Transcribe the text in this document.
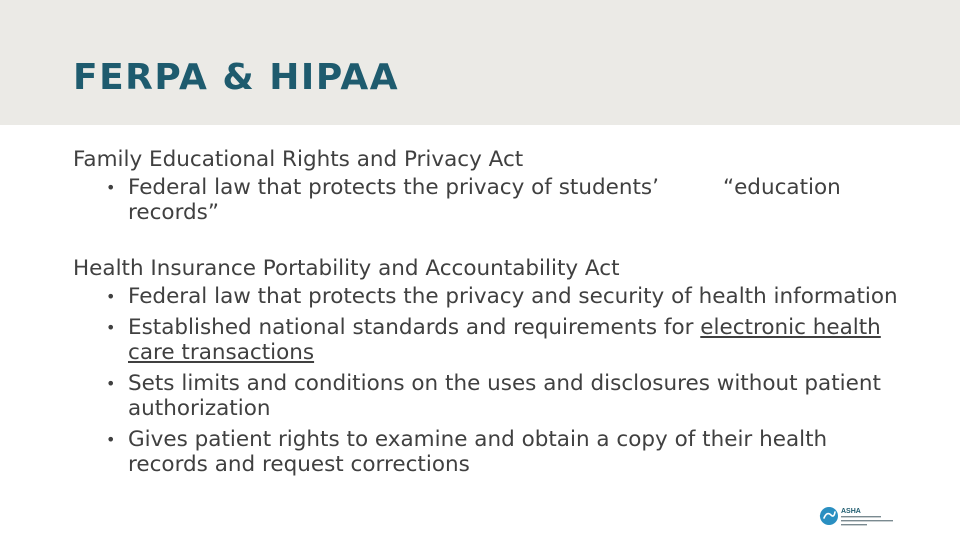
FERPA & HIPAA

Family Educational Rights and Privacy Act

• Federal law that protects the privacy of students’	“education records”

Health Insurance Portability and Accountability Act

• Federal law that protects the privacy and security of health information
• Established national standards and requirements for electronic health care transactions
• Sets limits and conditions on the uses and disclosures without patient authorization
• Gives patient rights to examine and obtain a copy of their health records and request corrections
ASHA
